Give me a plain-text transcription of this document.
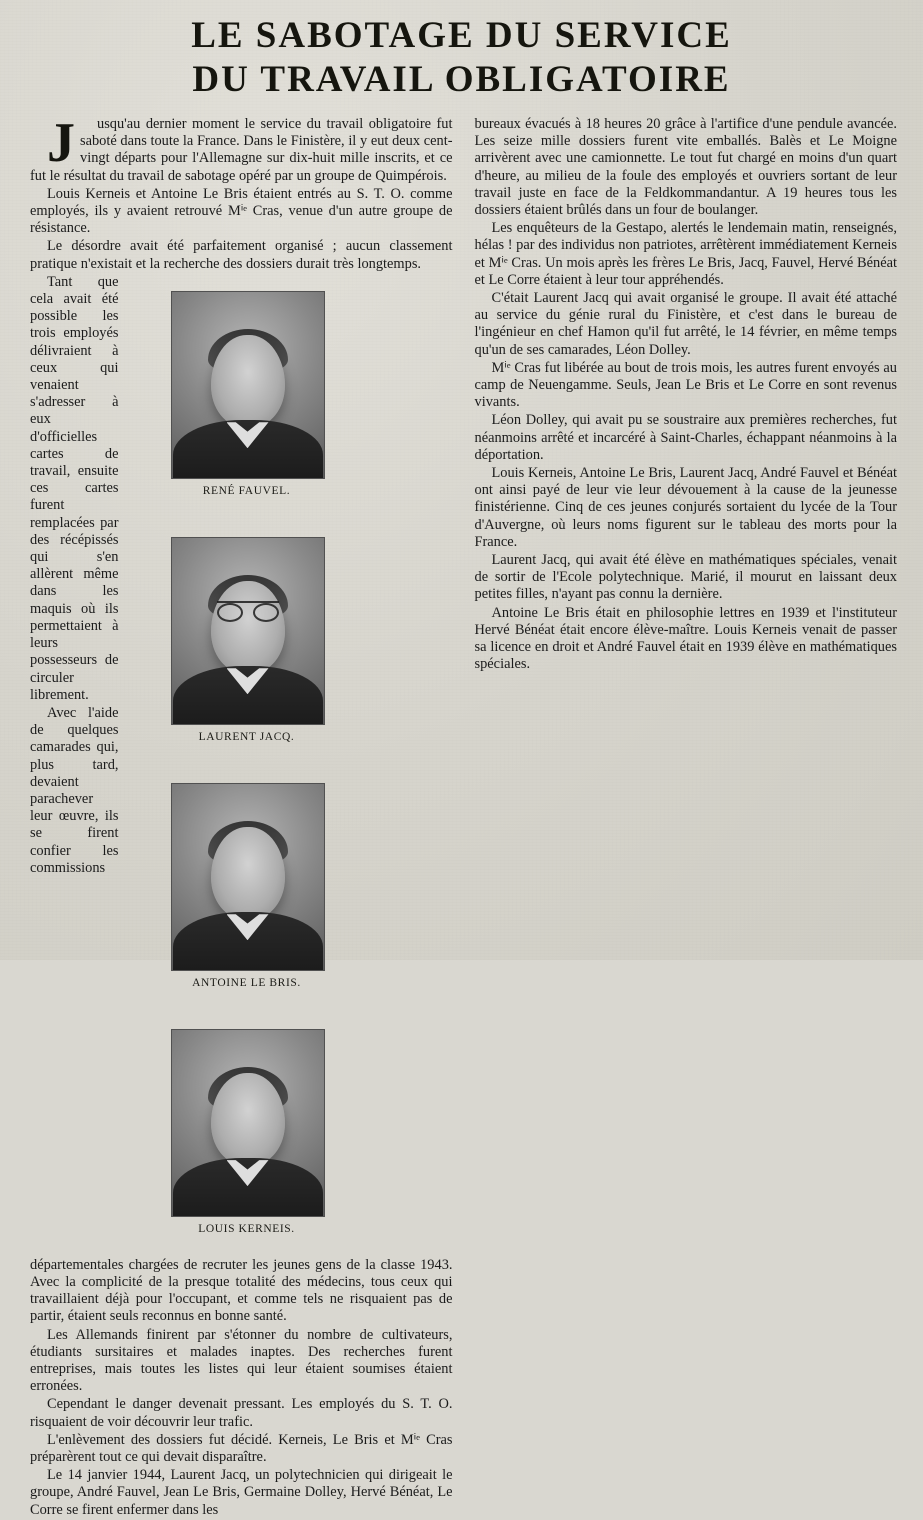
LE SABOTAGE DU SERVICE
DU TRAVAIL OBLIGATOIRE

J usqu'au dernier moment le service du travail obligatoire fut saboté dans toute la France. Dans le Finistère, il y eut deux cent-vingt départs pour l'Allemagne sur dix-huit mille inscrits, et ce fut le résultat du travail de sabotage opéré par un groupe de Quimpérois.

Louis Kerneis et Antoine Le Bris étaient entrés au S. T. O. comme employés, ils y avaient retrouvé Mⁱᵉ Cras, venue d'un autre groupe de résistance.

Le désordre avait été parfaitement organisé ; aucun classement pratique n'existait et la recherche des dossiers durait très longtemps.

RENÉ FAUVEL.
LAURENT JACQ.
ANTOINE LE BRIS.
LOUIS KERNEIS.

Tant que cela avait été possible les trois employés délivraient à ceux qui venaient s'adresser à eux d'officielles cartes de travail, ensuite ces cartes furent remplacées par des récépissés qui s'en allèrent même dans les maquis où ils permettaient à leurs possesseurs de circuler librement.

Avec l'aide de quelques camarades qui, plus tard, devaient parachever leur œuvre, ils se firent confier les commissions départementales chargées de recruter les jeunes gens de la classe 1943. Avec la complicité de la presque totalité des médecins, tous ceux qui travaillaient déjà pour l'occupant, et comme tels ne risquaient pas de partir, étaient seuls reconnus en bonne santé.

Les Allemands finirent par s'étonner du nombre de cultivateurs, étudiants sursitaires et malades inaptes. Des recherches furent entreprises, mais toutes les listes qui leur étaient soumises étaient erronées.

Cependant le danger devenait pressant. Les employés du S. T. O. risquaient de voir découvrir leur trafic.

L'enlèvement des dossiers fut décidé. Kerneis, Le Bris et Mⁱᵉ Cras préparèrent tout ce qui devait disparaître.

Le 14 janvier 1944, Laurent Jacq, un polytechnicien qui dirigeait le groupe, André Fauvel, Jean Le Bris, Germaine Dolley, Hervé Bénéat, Le Corre se firent enfermer dans les

bureaux évacués à 18 heures 20 grâce à l'artifice d'une pendule avancée. Les seize mille dossiers furent vite emballés. Balès et Le Moigne arrivèrent avec une camionnette. Le tout fut chargé en moins d'un quart d'heure, au milieu de la foule des employés et ouvriers sortant de leur travail juste en face de la Feldkommandantur. A 19 heures tous les dossiers étaient brûlés dans un four de boulanger.

Les enquêteurs de la Gestapo, alertés le lendemain matin, renseignés, hélas ! par des individus non patriotes, arrêtèrent immédiatement Kerneis et Mⁱᵉ Cras. Un mois après les frères Le Bris, Jacq, Fauvel, Hervé Bénéat et Le Corre étaient à leur tour appréhendés.

C'était Laurent Jacq qui avait organisé le groupe. Il avait été attaché au service du génie rural du Finistère, et c'est dans le bureau de l'ingénieur en chef Hamon qu'il fut arrêté, le 14 février, en même temps qu'un de ses camarades, Léon Dolley.

Mⁱᵉ Cras fut libérée au bout de trois mois, les autres furent envoyés au camp de Neuengamme. Seuls, Jean Le Bris et Le Corre en sont revenus vivants.

Léon Dolley, qui avait pu se soustraire aux premières recherches, fut néanmoins arrêté et incarcéré à Saint-Charles, échappant néanmoins à la déportation.

Louis Kerneis, Antoine Le Bris, Laurent Jacq, André Fauvel et Bénéat ont ainsi payé de leur vie leur dévouement à la cause de la jeunesse finistérienne. Cinq de ces jeunes conjurés sortaient du lycée de la Tour d'Auvergne, où leurs noms figurent sur le tableau des morts pour la France.

Laurent Jacq, qui avait été élève en mathématiques spéciales, venait de sortir de l'Ecole polytechnique. Marié, il mourut en laissant deux petites filles, n'ayant pas connu la dernière.

Antoine Le Bris était en philosophie lettres en 1939 et l'instituteur Hervé Bénéat était encore élève-maître. Louis Kerneis venait de passer sa licence en droit et André Fauvel était en 1939 élève en mathématiques spéciales.
